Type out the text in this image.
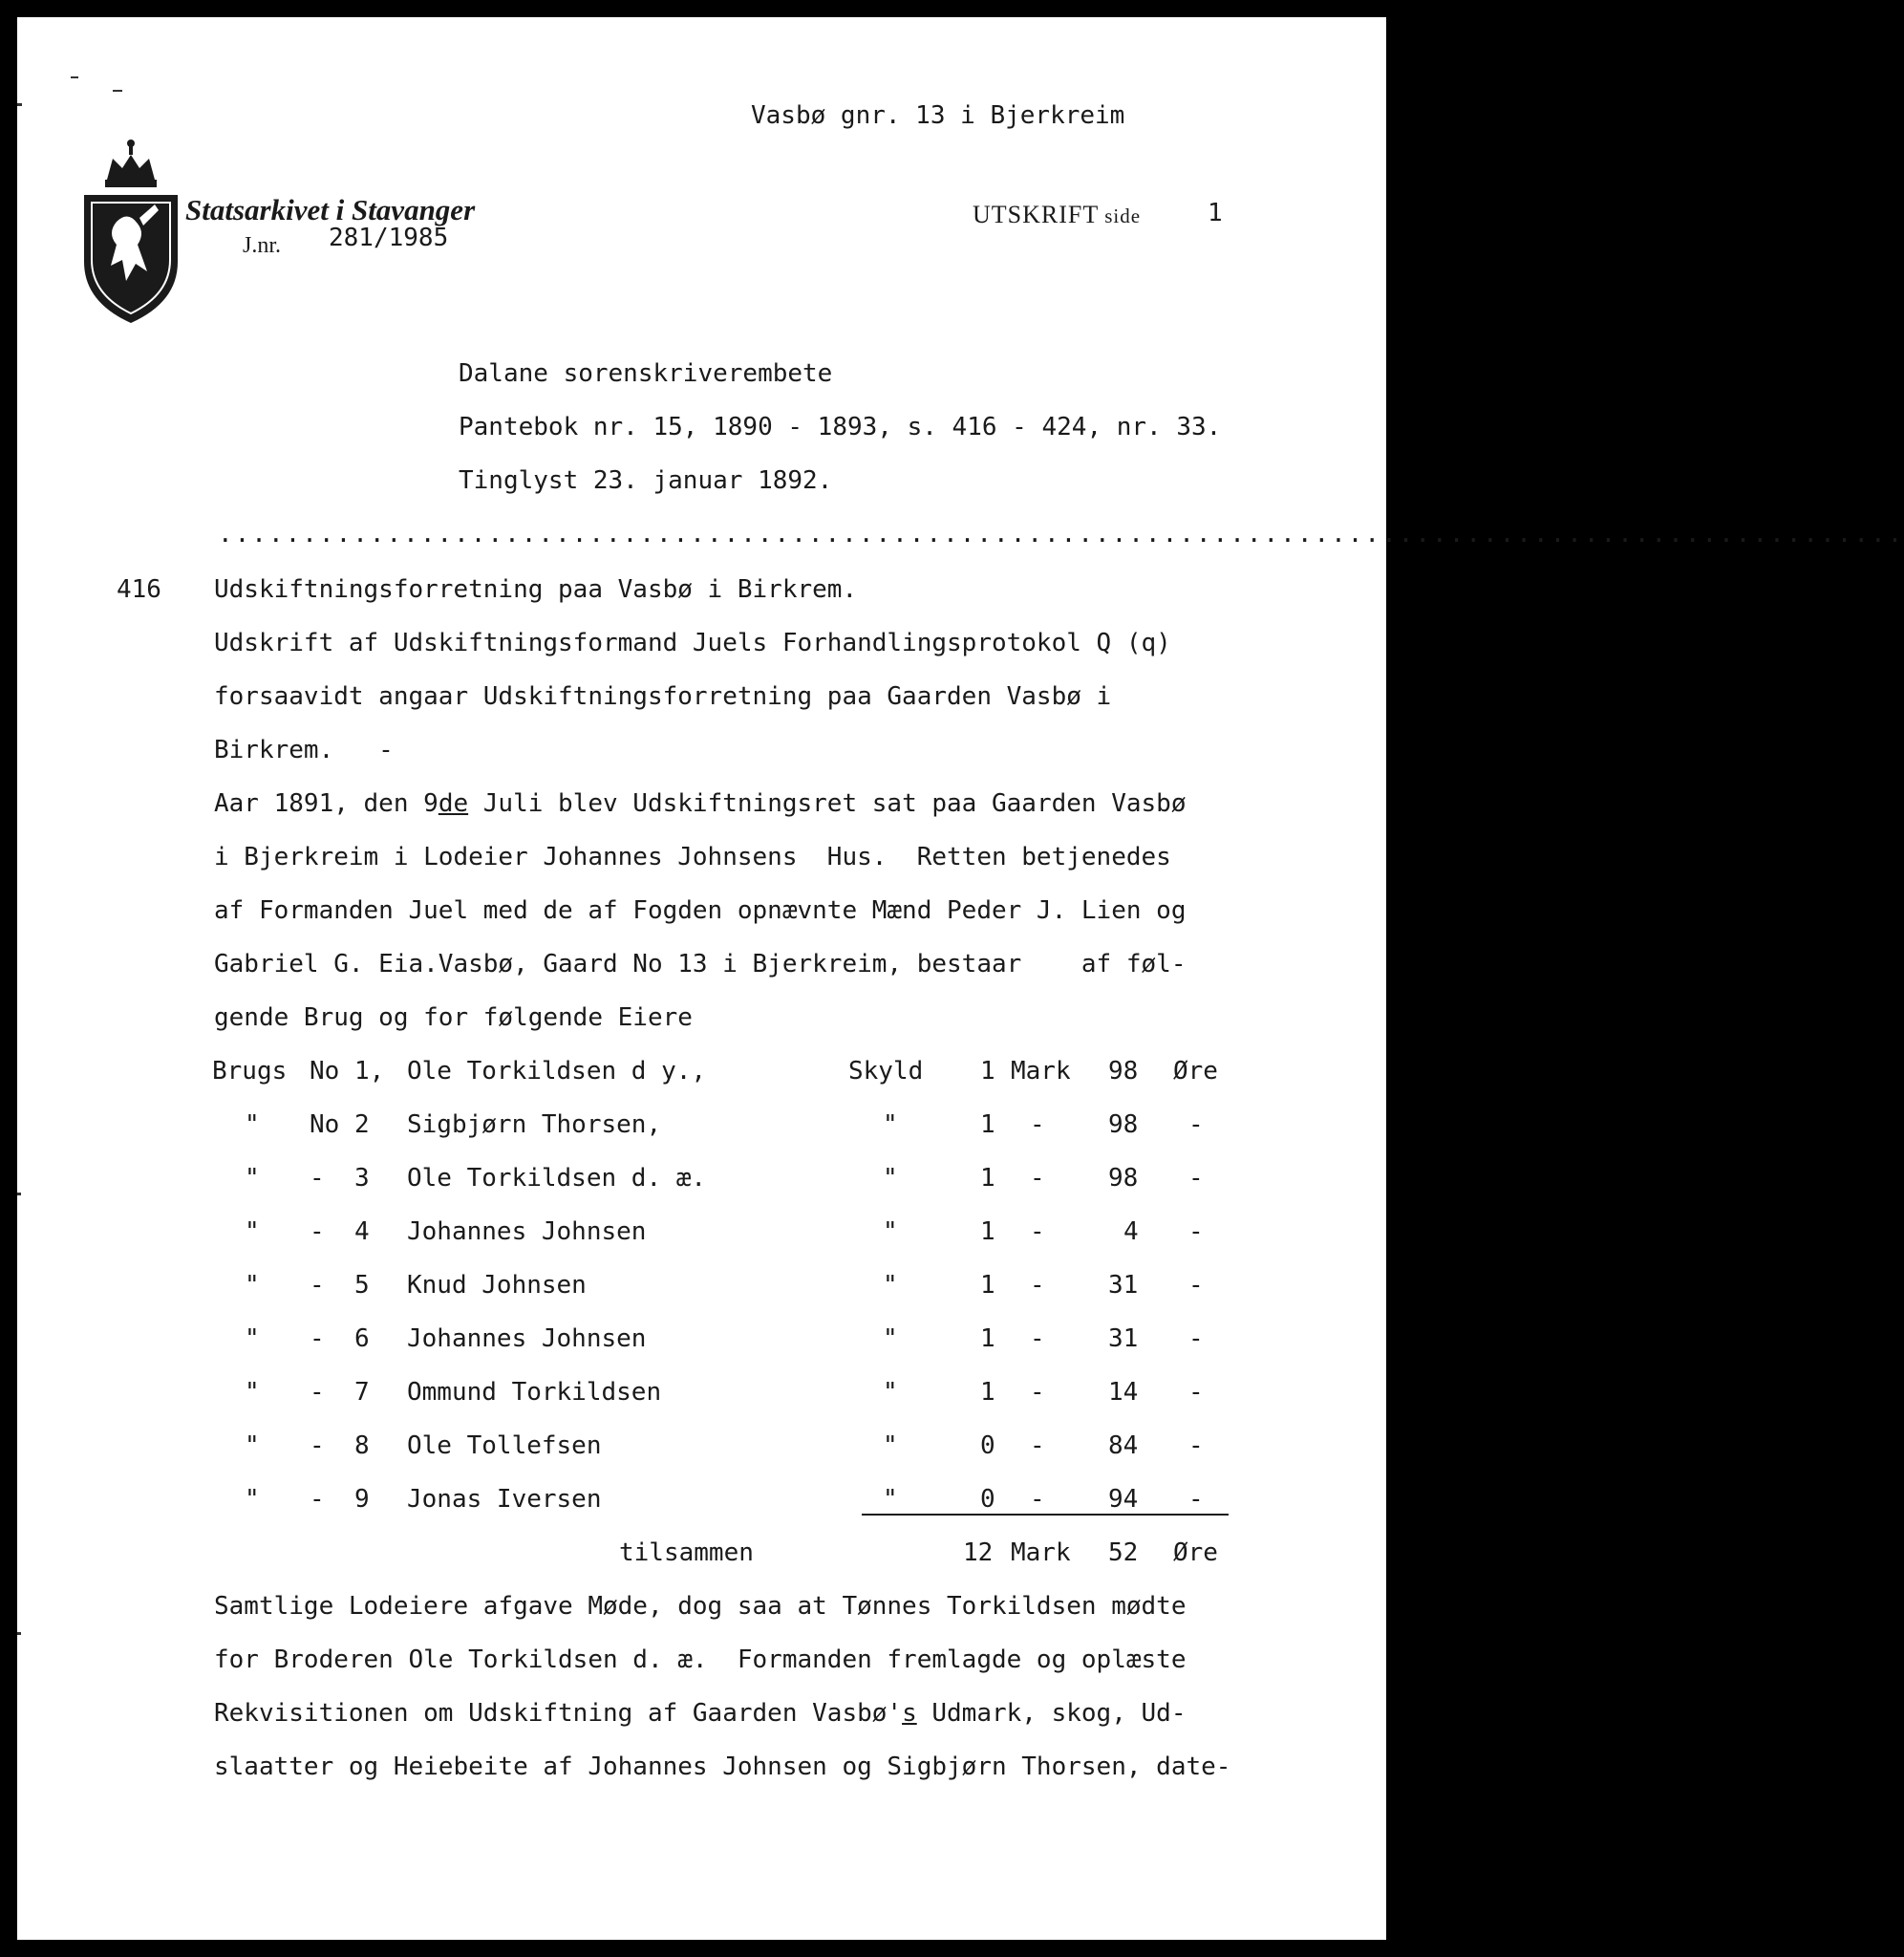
Vasbø gnr. 13 i Bjerkreim
Statsarkivet i Stavanger
J.nr. 281/1985
UTSKRIFT side	1
Dalane sorenskriverembete
Pantebok nr. 15, 1890 - 1893, s. 416 - 424, nr. 33.
Tinglyst 23. januar 1892.
....................................................................................................
416 Udskiftningsforretning paa Vasbø i Birkrem.
Udskrift af Udskiftningsformand Juels Forhandlingsprotokol Q (q)
forsaavidt angaar Udskiftningsforretning paa Gaarden Vasbø i
Birkrem.   -
Aar 1891, den 9de Juli blev Udskiftningsret sat paa Gaarden Vasbø
i Bjerkreim i Lodeier Johannes Johnsens  Hus.  Retten betjenedes
af Formanden Juel med de af Fogden opnævnte Mænd Peder J. Lien og
Gabriel G. Eia.Vasbø, Gaard No 13 i Bjerkreim, bestaar    af føl-
gende Brug og for følgende Eiere
Brugs No 1, Ole Torkildsen d y.,	Skyld 1 Mark 98 Øre
" No 2 Sigbjørn Thorsen,	"	1 -	98 -
" -  3 Ole Torkildsen d. æ.	"	1 -	98 -
" -  4 Johannes Johnsen	"	1 -	4 -
" -  5 Knud Johnsen	"	1 -	31 -
" -  6 Johannes Johnsen	"	1 -	31 -
" -  7 Ommund Torkildsen	"	1 -	14 -
" -  8 Ole Tollefsen	"	0 -	84 -
" -  9 Jonas Iversen	"	0 -	94 -
tilsammen	12 Mark 52 Øre
Samtlige Lodeiere afgave Møde, dog saa at Tønnes Torkildsen mødte
for Broderen Ole Torkildsen d. æ.  Formanden fremlagde og oplæste
Rekvisitionen om Udskiftning af Gaarden Vasbø's Udmark, skog, Ud-
slaatter og Heiebeite af Johannes Johnsen og Sigbjørn Thorsen, date-
